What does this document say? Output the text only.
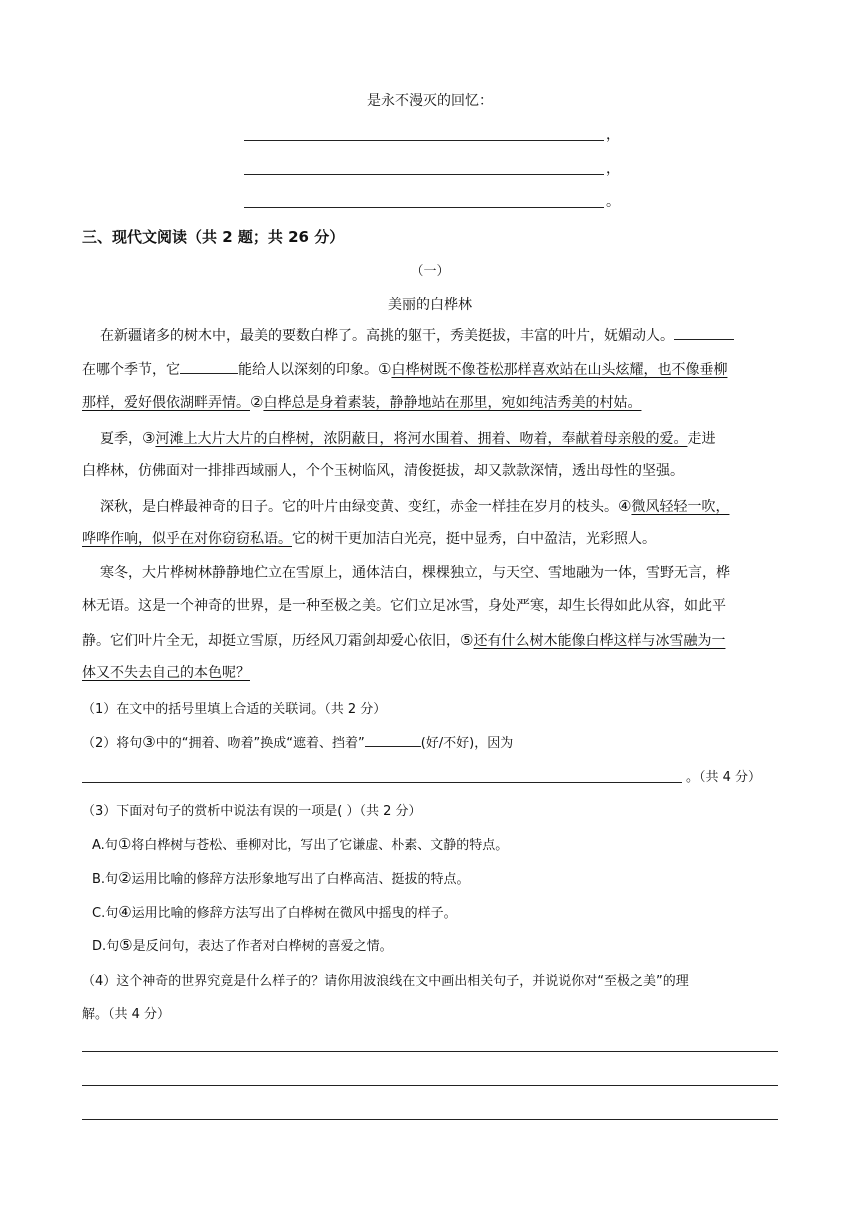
是永不漫灭的回忆：
，
，
。
三、现代文阅读（共 2 题；共 26 分）
（一）
美丽的白桦林
在新疆诸多的树木中，最美的要数白桦了。高挑的躯干，秀美挺拔，丰富的叶片，妩媚动人。
在哪个季节，它	能给人以深刻的印象。①白桦树既不像苍松那样喜欢站在山头炫耀，也不像垂柳
那样，爱好偎依湖畔弄情。②白桦总是身着素装，静静地站在那里，宛如纯洁秀美的村姑。
夏季，③河滩上大片大片的白桦树，浓阴蔽日，将河水围着、拥着、吻着，奉献着母亲般的爱。走进
白桦林，仿佛面对一排排西域丽人，个个玉树临风，清俊挺拔，却又款款深情，透出母性的坚强。
深秋，是白桦最神奇的日子。它的叶片由绿变黄、变红，赤金一样挂在岁月的枝头。④微风轻轻一吹，
哗哗作响，似乎在对你窃窃私语。它的树干更加洁白光亮，挺中显秀，白中盈洁，光彩照人。
寒冬，大片桦树林静静地伫立在雪原上，通体洁白，棵棵独立，与天空、雪地融为一体，雪野无言，桦
林无语。这是一个神奇的世界，是一种至极之美。它们立足冰雪，身处严寒，却生长得如此从容，如此平
静。它们叶片全无，却挺立雪原，历经风刀霜剑却爱心依旧，⑤还有什么树木能像白桦这样与冰雪融为一
体又不失去自己的本色呢？
（1）在文中的括号里填上合适的关联词。（共 2 分）
（2）将句③中的“拥着、吻着”换成“遮着、挡着”	(好/不好)，因为
。（共 4 分）
（3）下面对句子的赏析中说法有误的一项是( ）（共 2 分）
A.句①将白桦树与苍松、垂柳对比，写出了它谦虚、朴素、文静的特点。
B.句②运用比喻的修辞方法形象地写出了白桦高洁、挺拔的特点。
C.句④运用比喻的修辞方法写出了白桦树在微风中摇曳的样子。
D.句⑤是反问句，表达了作者对白桦树的喜爱之情。
（4）这个神奇的世界究竟是什么样子的？请你用波浪线在文中画出相关句子，并说说你对“至极之美”的理
解。（共 4 分）
